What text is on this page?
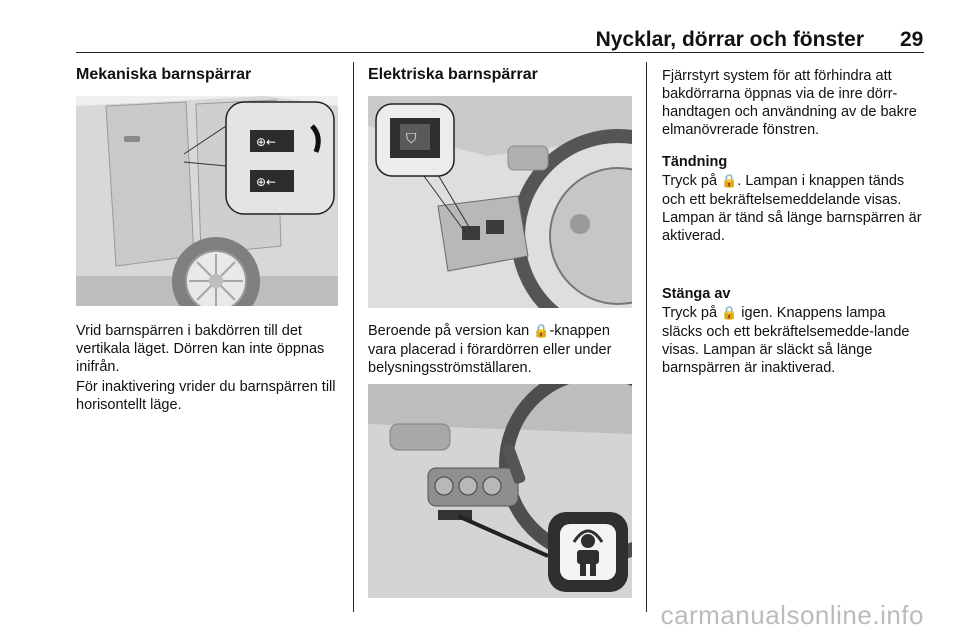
Nycklar, dörrar och fönster 29
Mekaniska barnspärrar
⊕←
⊕←

Vrid barnspärren i bakdörren till det vertikala läget. Dörren kan inte öppnas inifrån.

För inaktivering vrider du barnspärren till horisontellt läge.

Elektriska barnspärrar
⛉

Beroende på version kan 🔒-knappen vara placerad i förardörren eller under belysningsströmställaren.

Fjärrstyrt system för att förhindra att bakdörrarna öppnas via de inre dörr-handtagen och användning av de bakre elmanövrerade fönstren.

Tändning

Tryck på 🔒. Lampan i knappen tänds och ett bekräftelsemeddelande visas. Lampan är tänd så länge barnspärren är aktiverad.

Stänga av

Tryck på 🔒 igen. Knappens lampa släcks och ett bekräftelsemedde-lande visas. Lampan är släckt så länge barnspärren är inaktiverad.

carmanualsonline.info
